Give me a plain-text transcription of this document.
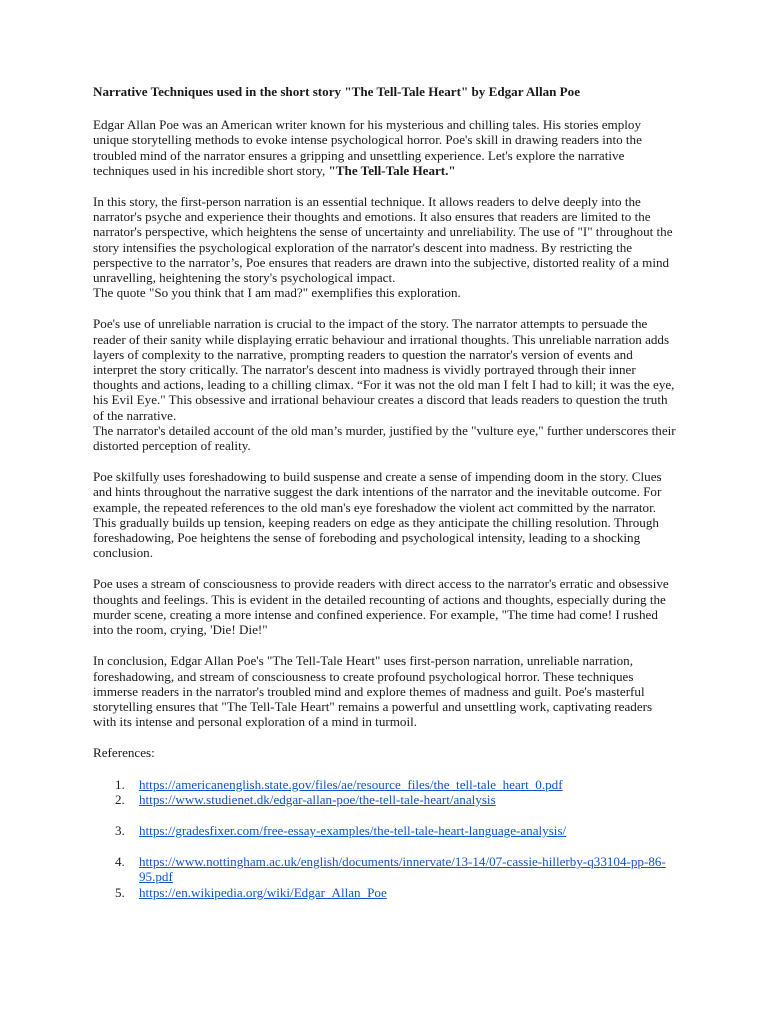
Narrative Techniques used in the short story "The Tell-Tale Heart" by Edgar Allan Poe

Edgar Allan Poe was an American writer known for his mysterious and chilling tales. His stories employ unique storytelling methods to evoke intense psychological horror. Poe's skill in drawing readers into the troubled mind of the narrator ensures a gripping and unsettling experience. Let's explore the narrative techniques used in his incredible short story, "The Tell-Tale Heart."

In this story, the first-person narration is an essential technique. It allows readers to delve deeply into the narrator's psyche and experience their thoughts and emotions. It also ensures that readers are limited to the narrator's perspective, which heightens the sense of uncertainty and unreliability. The use of "I" throughout the story intensifies the psychological exploration of the narrator's descent into madness. By restricting the perspective to the narrator’s, Poe ensures that readers are drawn into the subjective, distorted reality of a mind unravelling, heightening the story's psychological impact.
The quote "So you think that I am mad?" exemplifies this exploration.

Poe's use of unreliable narration is crucial to the impact of the story. The narrator attempts to persuade the reader of their sanity while displaying erratic behaviour and irrational thoughts. This unreliable narration adds layers of complexity to the narrative, prompting readers to question the narrator's version of events and interpret the story critically. The narrator's descent into madness is vividly portrayed through their inner thoughts and actions, leading to a chilling climax. “For it was not the old man I felt I had to kill; it was the eye, his Evil Eye." This obsessive and irrational behaviour creates a discord that leads readers to question the truth of the narrative.
The narrator's detailed account of the old man’s murder, justified by the "vulture eye," further underscores their distorted perception of reality.

Poe skilfully uses foreshadowing to build suspense and create a sense of impending doom in the story. Clues and hints throughout the narrative suggest the dark intentions of the narrator and the inevitable outcome. For example, the repeated references to the old man's eye foreshadow the violent act committed by the narrator. This gradually builds up tension, keeping readers on edge as they anticipate the chilling resolution. Through foreshadowing, Poe heightens the sense of foreboding and psychological intensity, leading to a shocking conclusion.

Poe uses a stream of consciousness to provide readers with direct access to the narrator's erratic and obsessive thoughts and feelings. This is evident in the detailed recounting of actions and thoughts, especially during the murder scene, creating a more intense and confined experience. For example, "The time had come! I rushed into the room, crying, 'Die! Die!"

In conclusion, Edgar Allan Poe's "The Tell-Tale Heart" uses first-person narration, unreliable narration, foreshadowing, and stream of consciousness to create profound psychological horror. These techniques immerse readers in the narrator's troubled mind and explore themes of madness and guilt. Poe's masterful storytelling ensures that "The Tell-Tale Heart" remains a powerful and unsettling work, captivating readers with its intense and personal exploration of a mind in turmoil.

References:

1. https://americanenglish.state.gov/files/ae/resource_files/the_tell-tale_heart_0.pdf
2. https://www.studienet.dk/edgar-allan-poe/the-tell-tale-heart/analysis
3. https://gradesfixer.com/free-essay-examples/the-tell-tale-heart-language-analysis/
4. https://www.nottingham.ac.uk/english/documents/innervate/13-14/07-cassie-hillerby-q33104-pp-86-95.pdf
5. https://en.wikipedia.org/wiki/Edgar_Allan_Poe
